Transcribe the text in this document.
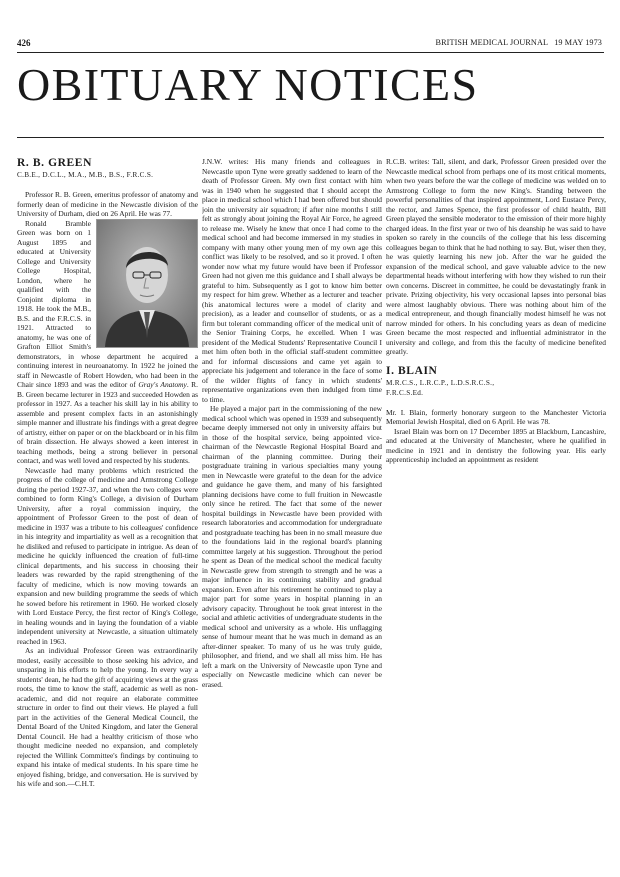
426	BRITISH MEDICAL JOURNAL   19 MAY 1973
OBITUARY NOTICES
R. B. GREEN
C.B.E., D.C.L., M.A., M.B., B.S., F.R.C.S.

Professor R. B. Green, emeritus professor of anatomy and formerly dean of medicine in the Newcastle division of the University of Durham, died on 26 April. He was 77.

Ronald Bramble Green was born on 1 August 1895 and educated at University College and University College Hospital, London, where he qualified with the Conjoint diploma in 1918. He took the M.B., B.S. and the F.R.C.S. in 1921. Attracted to anatomy, he was one of Grafton Elliot Smith's demonstrators, in whose department he acquired a continuing interest in neuroanatomy. In 1922 he joined the staff in Newcastle of Robert Howden, who had been in the Chair since 1893 and was the editor of Gray's Anatomy. R. B. Green became lecturer in 1923 and succeeded Howden as professor in 1927. As a teacher his skill lay in his ability to assemble and present complex facts in an astonishingly simple manner and illustrate his findings with a great degree of artistry, either on paper or on the blackboard or in his film of brain dissection. He always showed a keen interest in teaching methods, being a strong believer in personal contact, and was well loved and respected by his students.

Newcastle had many problems which restricted the progress of the college of medicine and Armstrong College during the period 1927-37, and when the two colleges were combined to form King's College, a division of Durham University, after a royal commission inquiry, the appointment of Professor Green to the post of dean of medicine in 1937 was a tribute to his colleagues' confidence in his integrity and impartiality as well as a recognition that he disliked and refused to participate in intrigue. As dean of medicine he quickly influenced the creation of full-time clinical departments, and his success in choosing their leaders was rewarded by the rapid strengthening of the faculty of medicine, which is now moving towards an expansion and new building programme the seeds of which he sowed before his retirement in 1960. He worked closely with Lord Eustace Percy, the first rector of King's College, in healing wounds and in laying the foundation of a viable independent university at Newcastle, a situation ultimately reached in 1963.

As an individual Professor Green was extraordinarily modest, easily accessible to those seeking his advice, and unsparing in his efforts to help the young. In every way a students' dean, he had the gift of acquiring views at the grass roots, the time to know the staff, academic as well as non-academic, and did not require an elaborate committee structure in order to find out their views. He played a full part in the activities of the General Medical Council, the Dental Board of the United Kingdom, and later the General Dental Council. He had a healthy criticism of those who thought medicine needed no expansion, and completely rejected the Willink Committee's findings by continuing to expand his intake of medical students. In his spare time he enjoyed fishing, bridge, and conversation. He is survived by his wife and son.—C.H.T.

J.N.W. writes: His many friends and colleagues in Newcastle upon Tyne were greatly saddened to learn of the death of Professor Green. My own first contact with him was in 1940 when he suggested that I should accept the place in medical school which I had been offered but should join the university air squadron; if after nine months I still felt as strongly about joining the Royal Air Force, he agreed to release me. Wisely he knew that once I had come to the medical school and had become immersed in my studies in company with many other young men of my own age this conflict was likely to be resolved, and so it proved. I often wonder now what my future would have been if Professor Green had not given me this guidance and I shall always be grateful to him. Subsequently as I got to know him better my respect for him grew. Whether as a lecturer and teacher (his anatomical lectures were a model of clarity and precision), as a leader and counsellor of students, or as a firm but tolerant commanding officer of the medical unit of the Senior Training Corps, he excelled. When I was president of the Medical Students' Representative Council I met him often both in the official staff-student committee and for informal discussions and came yet again to appreciate his judgement and tolerance in the face of some of the wilder flights of fancy in which students' representative organizations even then indulged from time to time.

He played a major part in the commissioning of the new medical school which was opened in 1939 and subsequently became deeply immersed not only in university affairs but in those of the hospital service, being appointed vice-chairman of the Newcastle Regional Hospital Board and chairman of the planning committee. During their postgraduate training in various specialties many young men in Newcastle were grateful to the dean for the advice and guidance he gave them, and many of his farsighted planning decisions have come to full fruition in Newcastle only since he retired. The fact that some of the newer hospital buildings in Newcastle have been provided with research laboratories and accommodation for undergraduate and postgraduate teaching has been in no small measure due to the foundations laid in the regional board's planning committee largely at his suggestion. Throughout the period he spent as Dean of the medical school the medical faculty in Newcastle grew from strength to strength and he was a major influence in its continuing stability and gradual expansion. Even after his retirement he continued to play a major part for some years in hospital planning in an advisory capacity. Throughout he took great interest in the social and athletic activities of undergraduate students in the medical school and university as a whole. His unflagging sense of humour meant that he was much in demand as an after-dinner speaker. To many of us he was truly guide, philosopher, and friend, and we shall all miss him. He has left a mark on the University of Newcastle upon Tyne and especially on Newcastle medicine which can never be erased.

R.C.B. writes: Tall, silent, and dark, Professor Green presided over the Newcastle medical school from perhaps one of its most critical moments, when two years before the war the college of medicine was welded on to Armstrong College to form the new King's. Standing between the powerful personalities of that inspired appointment, Lord Eustace Percy, the rector, and James Spence, the first professor of child health, Bill Green played the sensible moderator to the emission of their more highly charged ideas. In the first year or two of his deanship he was said to have spoken so rarely in the councils of the college that his less discerning colleagues began to think that he had nothing to say. But, wiser then they, he was quietly learning his new job. After the war he guided the expansion of the medical school, and gave valuable advice to the new departmental heads without interfering with how they wished to run their own concerns. Discreet in committee, he could be devastatingly frank in private. Prizing objectivity, his very occasional lapses into personal bias were almost laughably obvious. There was nothing about him of the medical entrepreneur, and though financially modest himself he was not narrow minded for others. In his concluding years as dean of medicine Green became the most respected and influential administrator in the university and college, and from this the faculty of medicine benefited greatly.

I. BLAIN
M.R.C.S., L.R.C.P., L.D.S.R.C.S.,
F.R.C.S.Ed.

Mr. I. Blain, formerly honorary surgeon to the Manchester Victoria Memorial Jewish Hospital, died on 6 April. He was 78.

Israel Blain was born on 17 December 1895 at Blackburn, Lancashire, and educated at the University of Manchester, where he qualified in medicine in 1921 and in dentistry the following year. His early apprenticeship included an appointment as resident
